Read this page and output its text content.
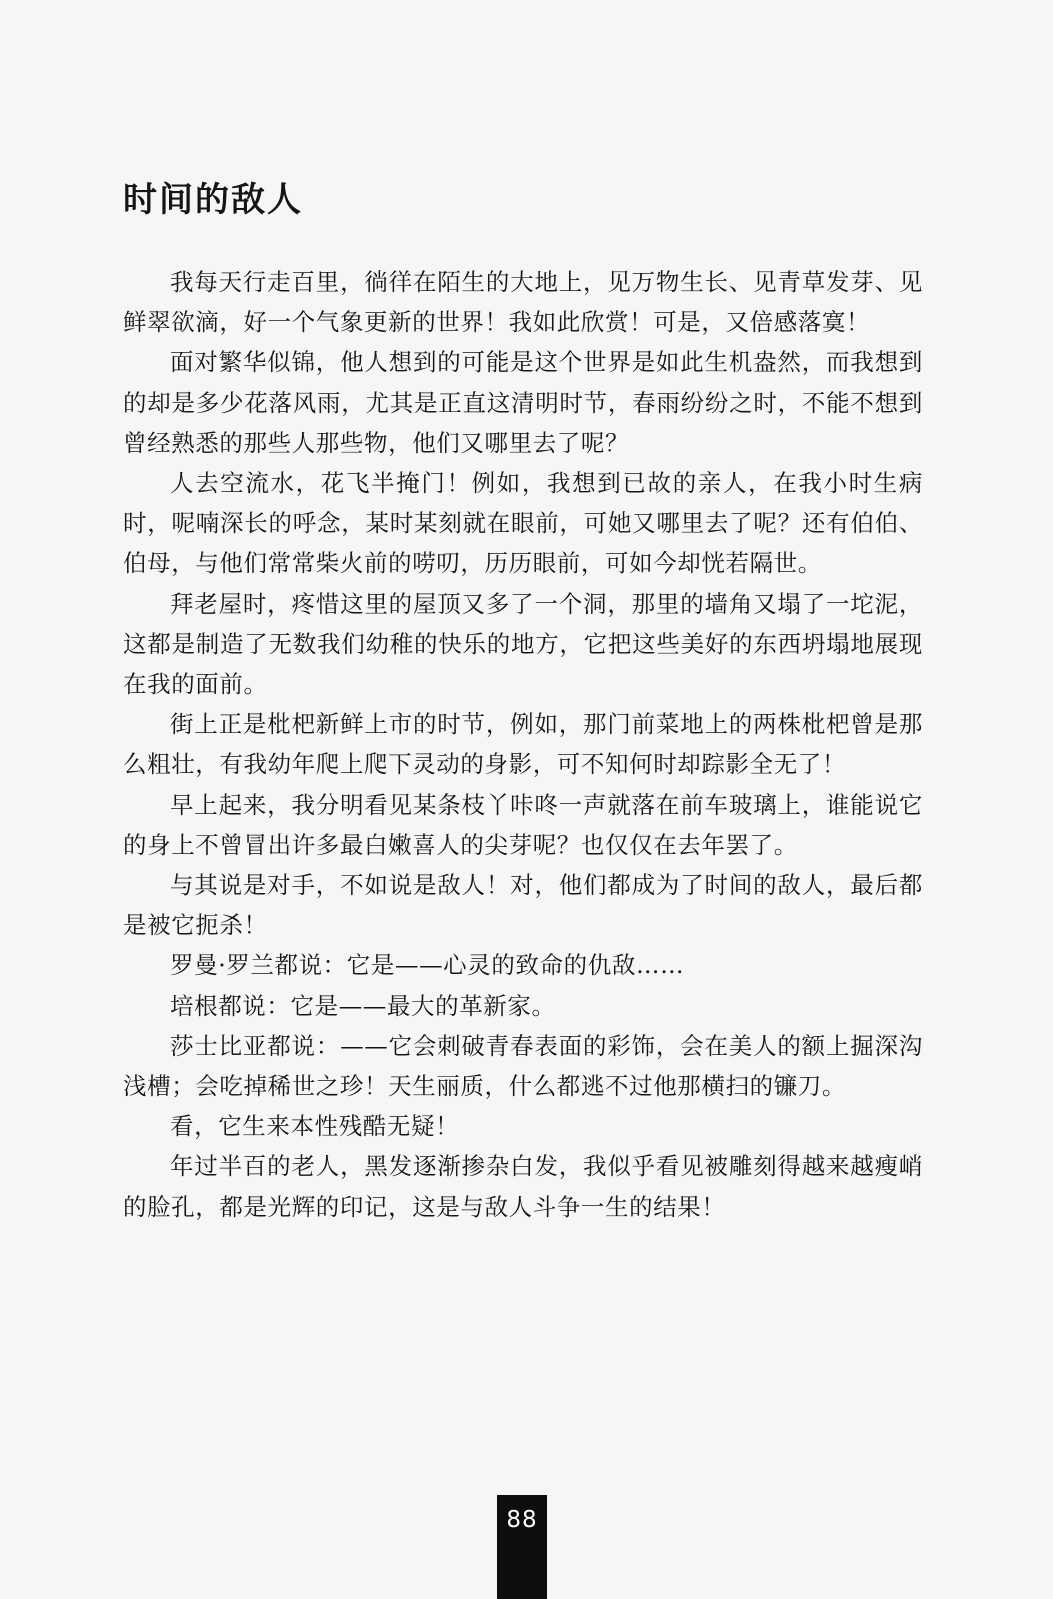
时间的敌人

我每天行走百里，徜徉在陌生的大地上，见万物生长、见青草发芽、见鲜翠欲滴，好一个气象更新的世界！我如此欣赏！可是，又倍感落寞！

面对繁华似锦，他人想到的可能是这个世界是如此生机盎然，而我想到的却是多少花落风雨，尤其是正直这清明时节，春雨纷纷之时，不能不想到曾经熟悉的那些人那些物，他们又哪里去了呢？

人去空流水，花飞半掩门！例如，我想到已故的亲人，在我小时生病时，呢喃深长的呼念，某时某刻就在眼前，可她又哪里去了呢？还有伯伯、伯母，与他们常常柴火前的唠叨，历历眼前，可如今却恍若隔世。

拜老屋时，疼惜这里的屋顶又多了一个洞，那里的墙角又塌了一坨泥，这都是制造了无数我们幼稚的快乐的地方，它把这些美好的东西坍塌地展现在我的面前。

街上正是枇杷新鲜上市的时节，例如，那门前菜地上的两株枇杷曾是那么粗壮，有我幼年爬上爬下灵动的身影，可不知何时却踪影全无了！

早上起来，我分明看见某条枝丫咔咚一声就落在前车玻璃上，谁能说它的身上不曾冒出许多最白嫩喜人的尖芽呢？也仅仅在去年罢了。

与其说是对手，不如说是敌人！对，他们都成为了时间的敌人，最后都是被它扼杀！

罗曼·罗兰都说：它是——心灵的致命的仇敌……

培根都说：它是——最大的革新家。

莎士比亚都说：——它会刺破青春表面的彩饰，会在美人的额上掘深沟浅槽；会吃掉稀世之珍！天生丽质，什么都逃不过他那横扫的镰刀。

看，它生来本性残酷无疑！

年过半百的老人，黑发逐渐掺杂白发，我似乎看见被雕刻得越来越瘦峭的脸孔，都是光辉的印记，这是与敌人斗争一生的结果！

88
